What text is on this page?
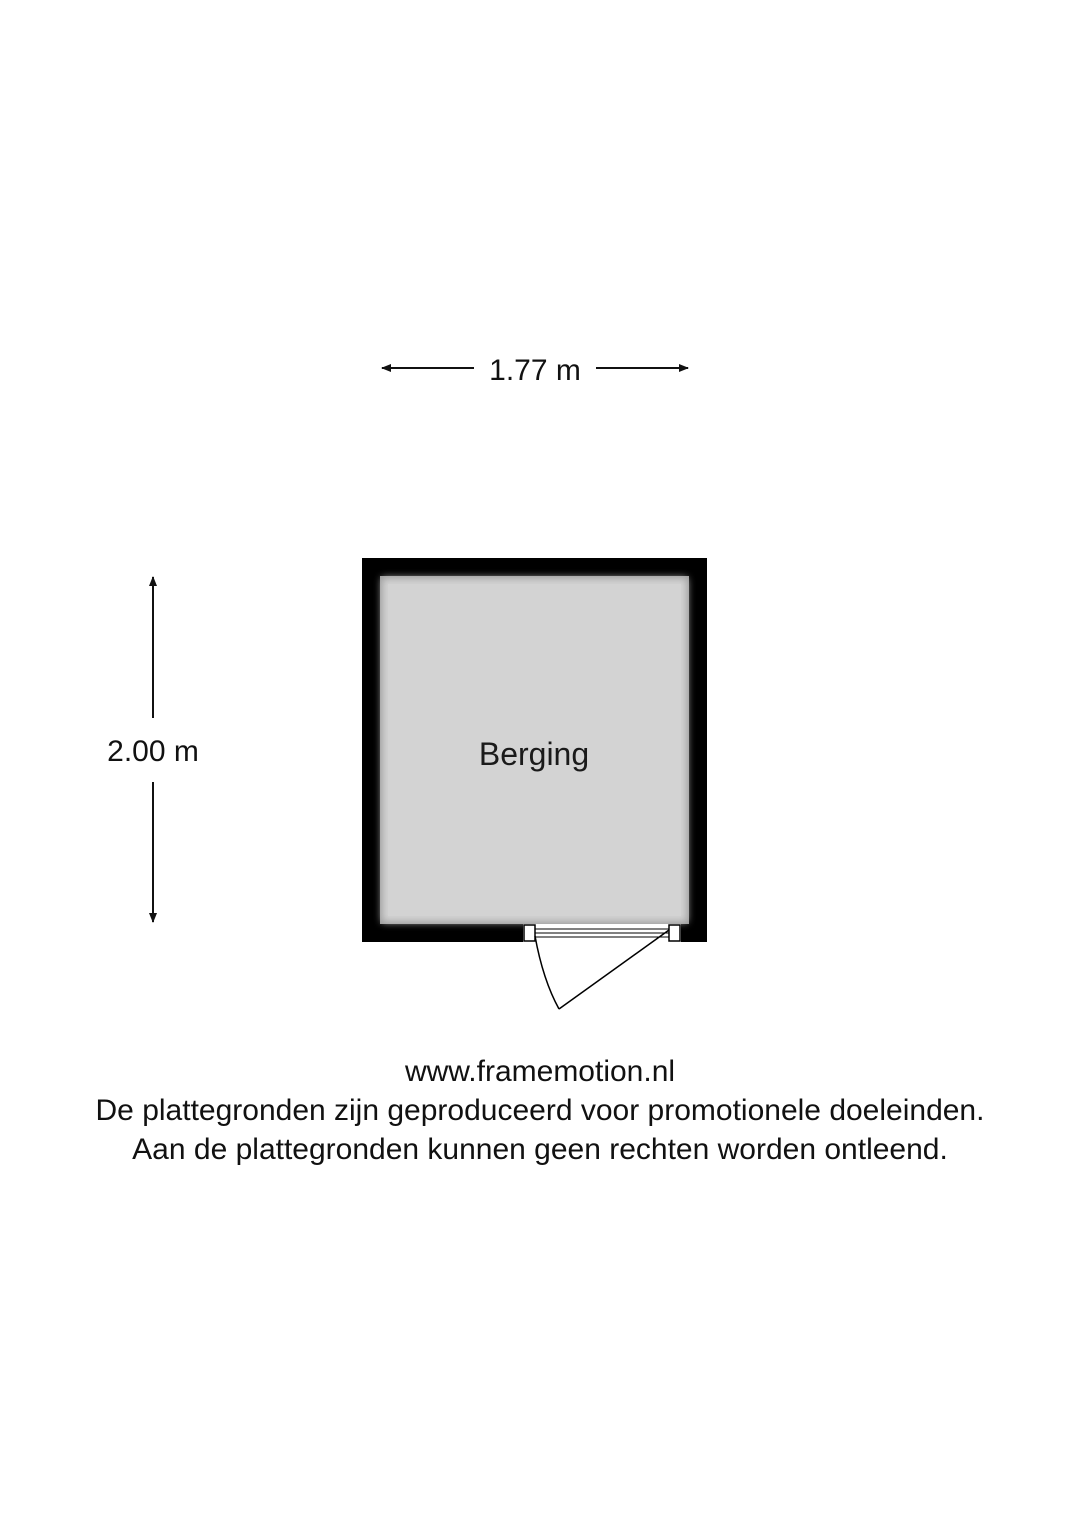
1.77 m
2.00 m	Berging
www.framemotion.nl
De plattegronden zijn geproduceerd voor promotionele doeleinden.
Aan de plattegronden kunnen geen rechten worden ontleend.
